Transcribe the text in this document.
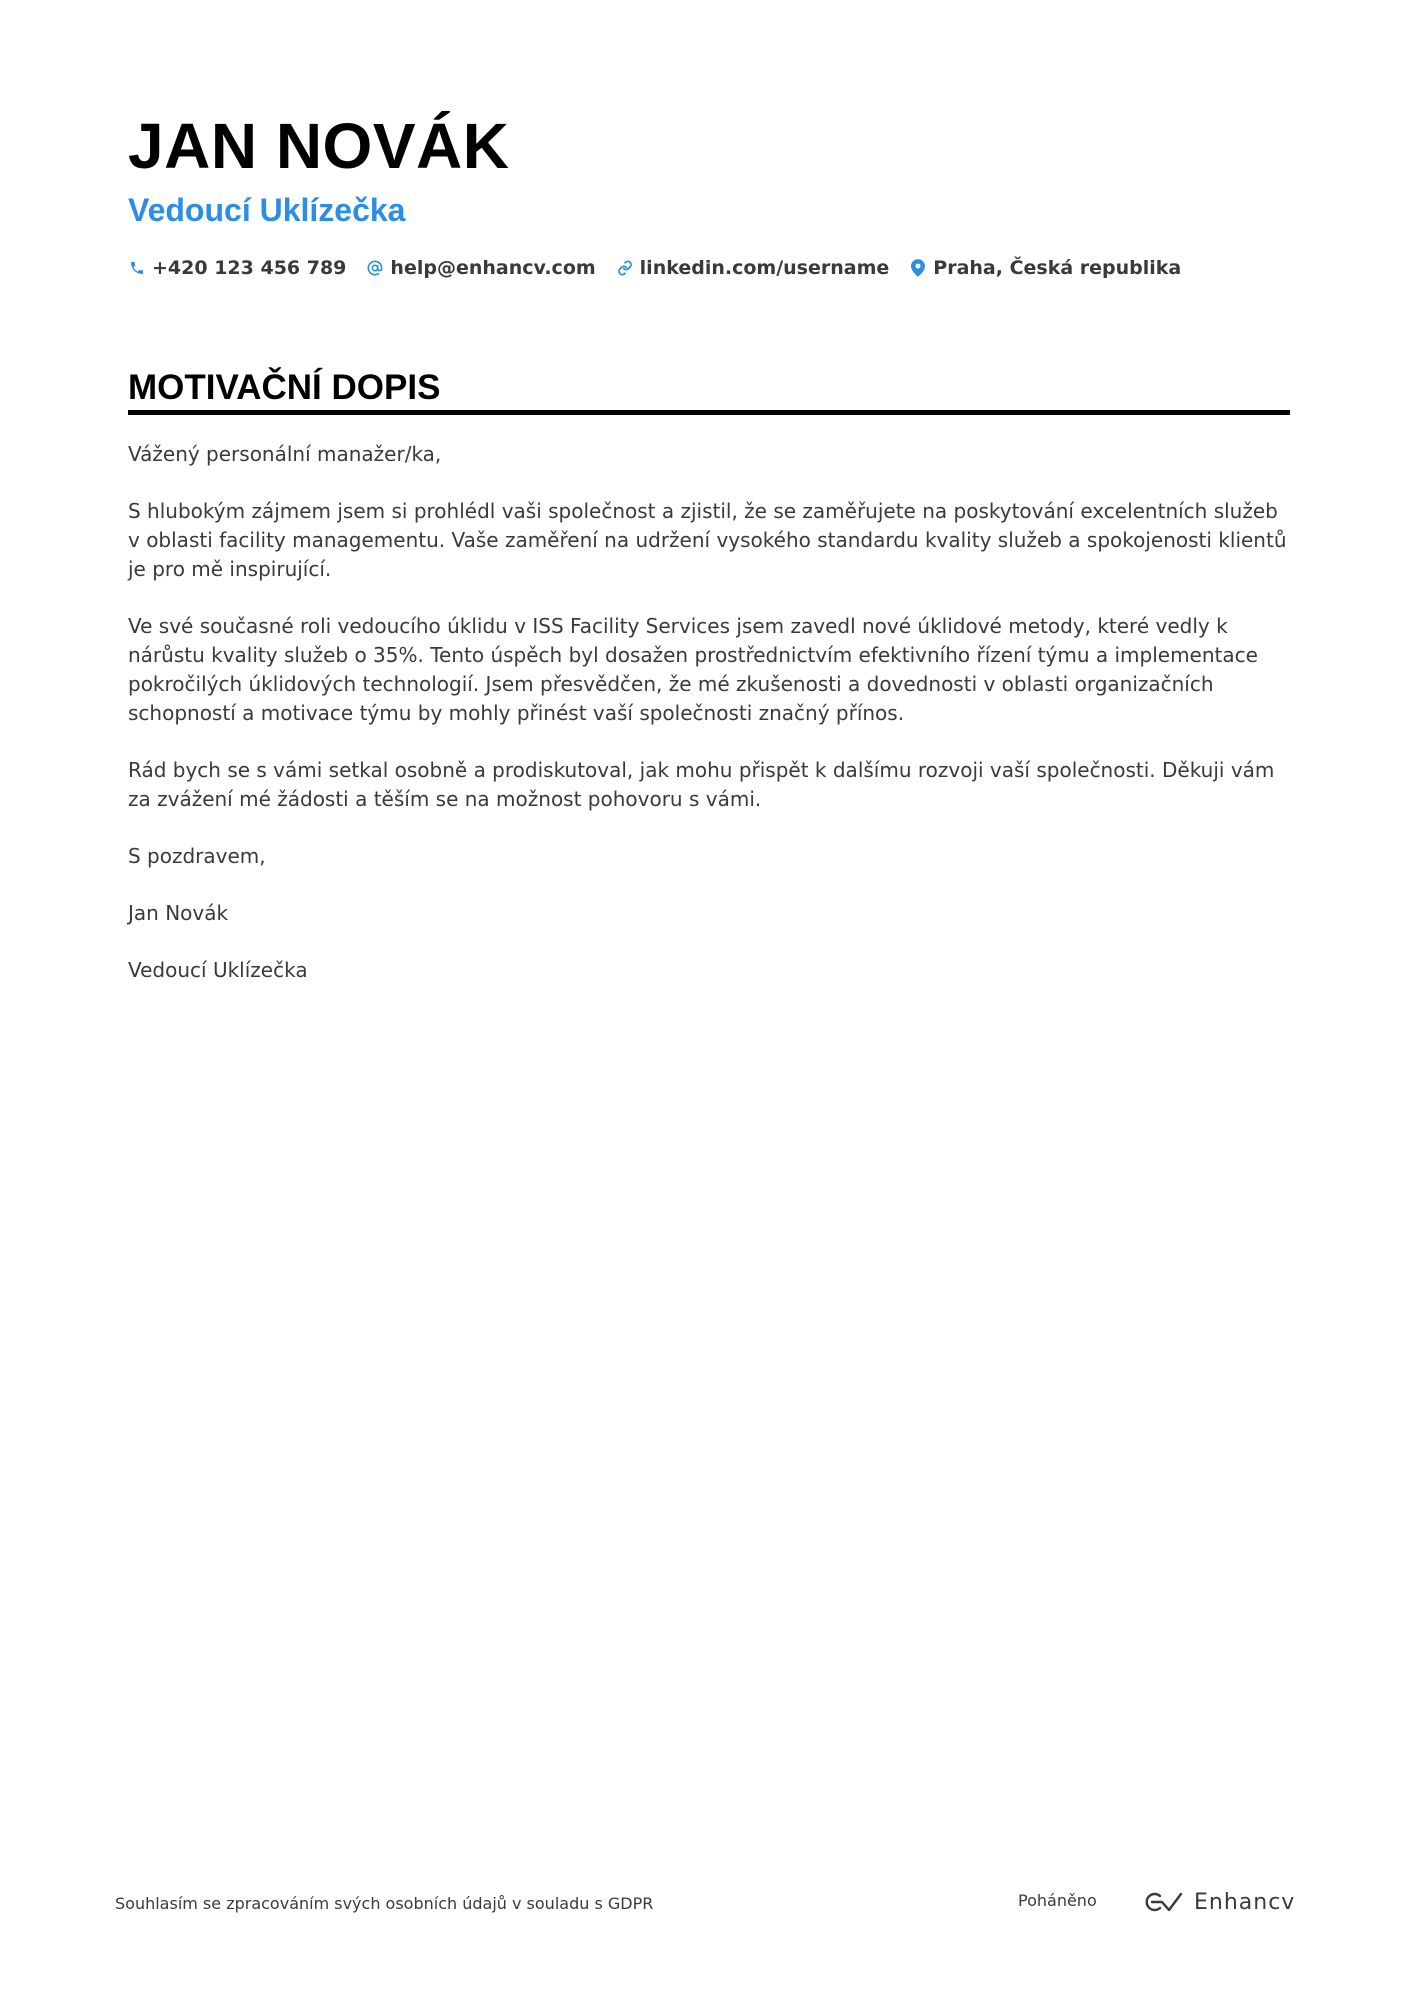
JAN NOVÁK
Vedoucí Uklízečka
+420 123 456 789 help@enhancv.com linkedin.com/username Praha, Česká republika
MOTIVAČNÍ DOPIS

Vážený personální manažer/ka,

S hlubokým zájmem jsem si prohlédl vaši společnost a zjistil, že se zaměřujete na poskytování excelentních služeb v oblasti facility managementu. Vaše zaměření na udržení vysokého standardu kvality služeb a spokojenosti klientů je pro mě inspirující.

Ve své současné roli vedoucího úklidu v ISS Facility Services jsem zavedl nové úklidové metody, které vedly k nárůstu kvality služeb o 35%. Tento úspěch byl dosažen prostřednictvím efektivního řízení týmu a implementace pokročilých úklidových technologií. Jsem přesvědčen, že mé zkušenosti a dovednosti v oblasti organizačních schopností a motivace týmu by mohly přinést vaší společnosti značný přínos.

Rád bych se s vámi setkal osobně a prodiskutoval, jak mohu přispět k dalšímu rozvoji vaší společnosti. Děkuji vám za zvážení mé žádosti a těším se na možnost pohovoru s vámi.

S pozdravem,

Jan Novák

Vedoucí Uklízečka

Souhlasím se zpracováním svých osobních údajů v souladu s GDPR	Poháněno	Enhancv
